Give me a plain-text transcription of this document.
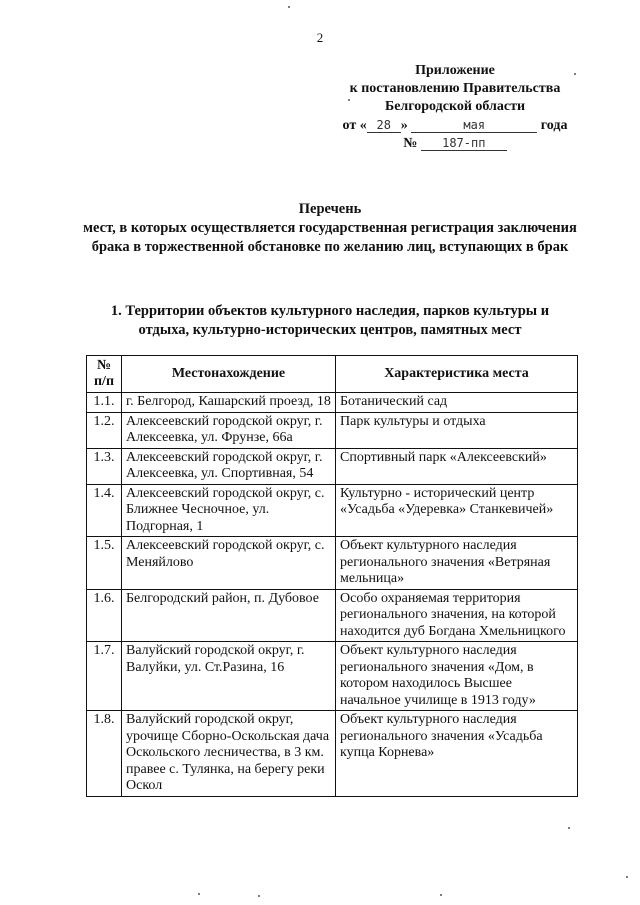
2
Приложение
к постановлению Правительства
Белгородской области
от « 28 »	мая	года
№ 187-пп
Перечень
мест, в которых осуществляется государственная регистрация заключения
брака в торжественной обстановке по желанию лиц, вступающих в брак
1. Территории объектов культурного наследия, парков культуры и
отдыха, культурно-исторических центров, памятных мест
№ п/п	Местонахождение	Характеристика места
1.1.	г. Белгород, Кашарский проезд, 18	Ботанический сад
1.2.	Алексеевский городской округ, г. Алексеевка, ул. Фрунзе, 66а	Парк культуры и отдыха
1.3.	Алексеевский городской округ, г. Алексеевка, ул. Спортивная, 54	Спортивный парк «Алексеевский»
1.4.	Алексеевский городской округ, с. Ближнее Чесночное, ул. Подгорная, 1	Культурно - исторический центр «Усадьба «Удеревка» Станкевичей»
1.5.	Алексеевский городской округ, с. Меняйлово	Объект культурного наследия регионального значения «Ветряная мельница»
1.6.	Белгородский район, п. Дубовое	Особо охраняемая территория регионального значения, на которой находится дуб Богдана Хмельницкого
1.7.	Валуйский городской округ, г. Валуйки, ул. Ст.Разина, 16	Объект культурного наследия регионального значения «Дом, в котором находилось Высшее начальное училище в 1913 году»
1.8.	Валуйский городской округ, урочище Сборно-Оскольская дача Оскольского лесничества, в 3 км. правее с. Тулянка, на берегу реки Оскол	Объект культурного наследия регионального значения «Усадьба купца Корнева»
